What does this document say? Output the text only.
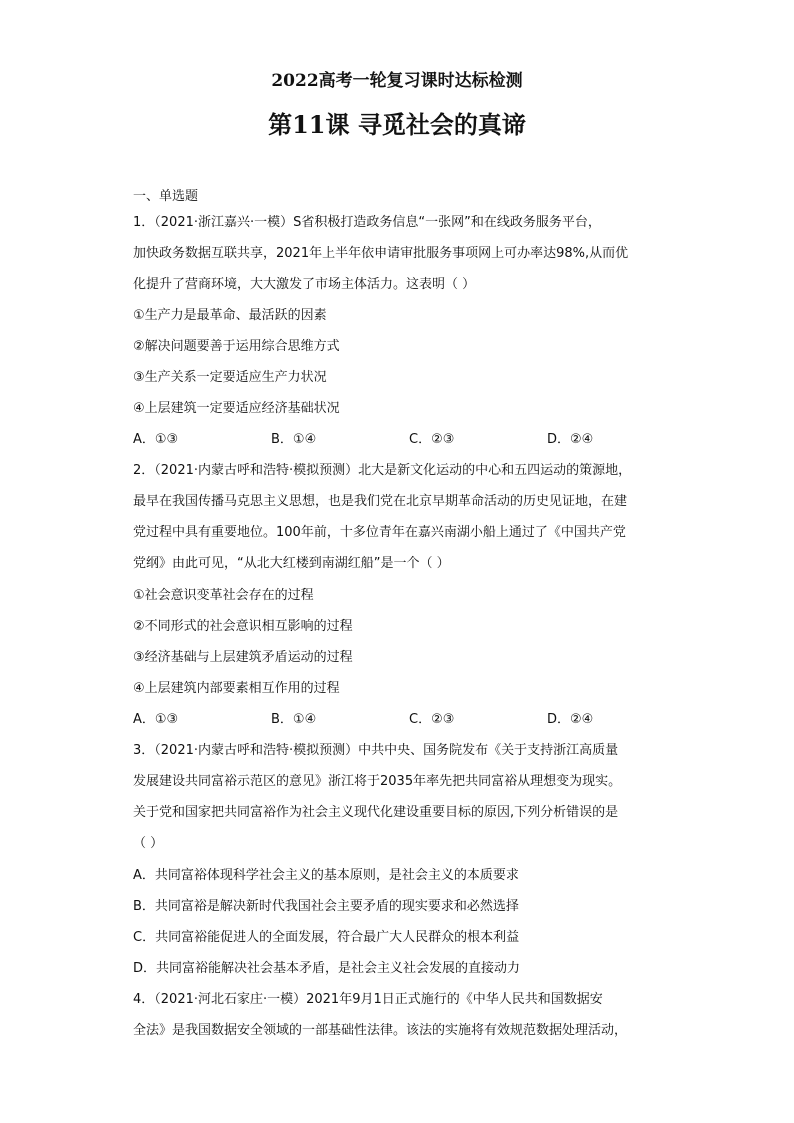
2022高考一轮复习课时达标检测
第11课 寻觅社会的真谛
一、单选题
1．（2021·浙江嘉兴·一模）S省积极打造政务信息“一张网”和在线政务服务平台，
加快政务数据互联共享，2021年上半年依申请审批服务事项网上可办率达98%,从而优
化提升了营商环境，大大激发了市场主体活力。这表明（ ）
①生产力是最革命、最活跃的因素
②解决问题要善于运用综合思维方式
③生产关系一定要适应生产力状况
④上层建筑一定要适应经济基础状况
A．①③	B．①④	C．②③	D．②④
2．（2021·内蒙古呼和浩特·模拟预测）北大是新文化运动的中心和五四运动的策源地，
最早在我国传播马克思主义思想，也是我们党在北京早期革命活动的历史见证地，在建
党过程中具有重要地位。100年前，十多位青年在嘉兴南湖小船上通过了《中国共产党
党纲》由此可见，“从北大红楼到南湖红船”是一个（ ）
①社会意识变革社会存在的过程
②不同形式的社会意识相互影响的过程
③经济基础与上层建筑矛盾运动的过程
④上层建筑内部要素相互作用的过程
A．①③	B．①④	C．②③	D．②④
3．（2021·内蒙古呼和浩特·模拟预测）中共中央、国务院发布《关于支持浙江高质量
发展建设共同富裕示范区的意见》浙江将于2035年率先把共同富裕从理想变为现实。
关于党和国家把共同富裕作为社会主义现代化建设重要目标的原因,下列分析错误的是
（ ）
A．共同富裕体现科学社会主义的基本原则，是社会主义的本质要求
B．共同富裕是解决新时代我国社会主要矛盾的现实要求和必然选择
C．共同富裕能促进人的全面发展，符合最广大人民群众的根本利益
D．共同富裕能解决社会基本矛盾，是社会主义社会发展的直接动力
4．（2021·河北石家庄·一模）2021年9月1日正式施行的《中华人民共和国数据安
全法》是我国数据安全领域的一部基础性法律。该法的实施将有效规范数据处理活动，
